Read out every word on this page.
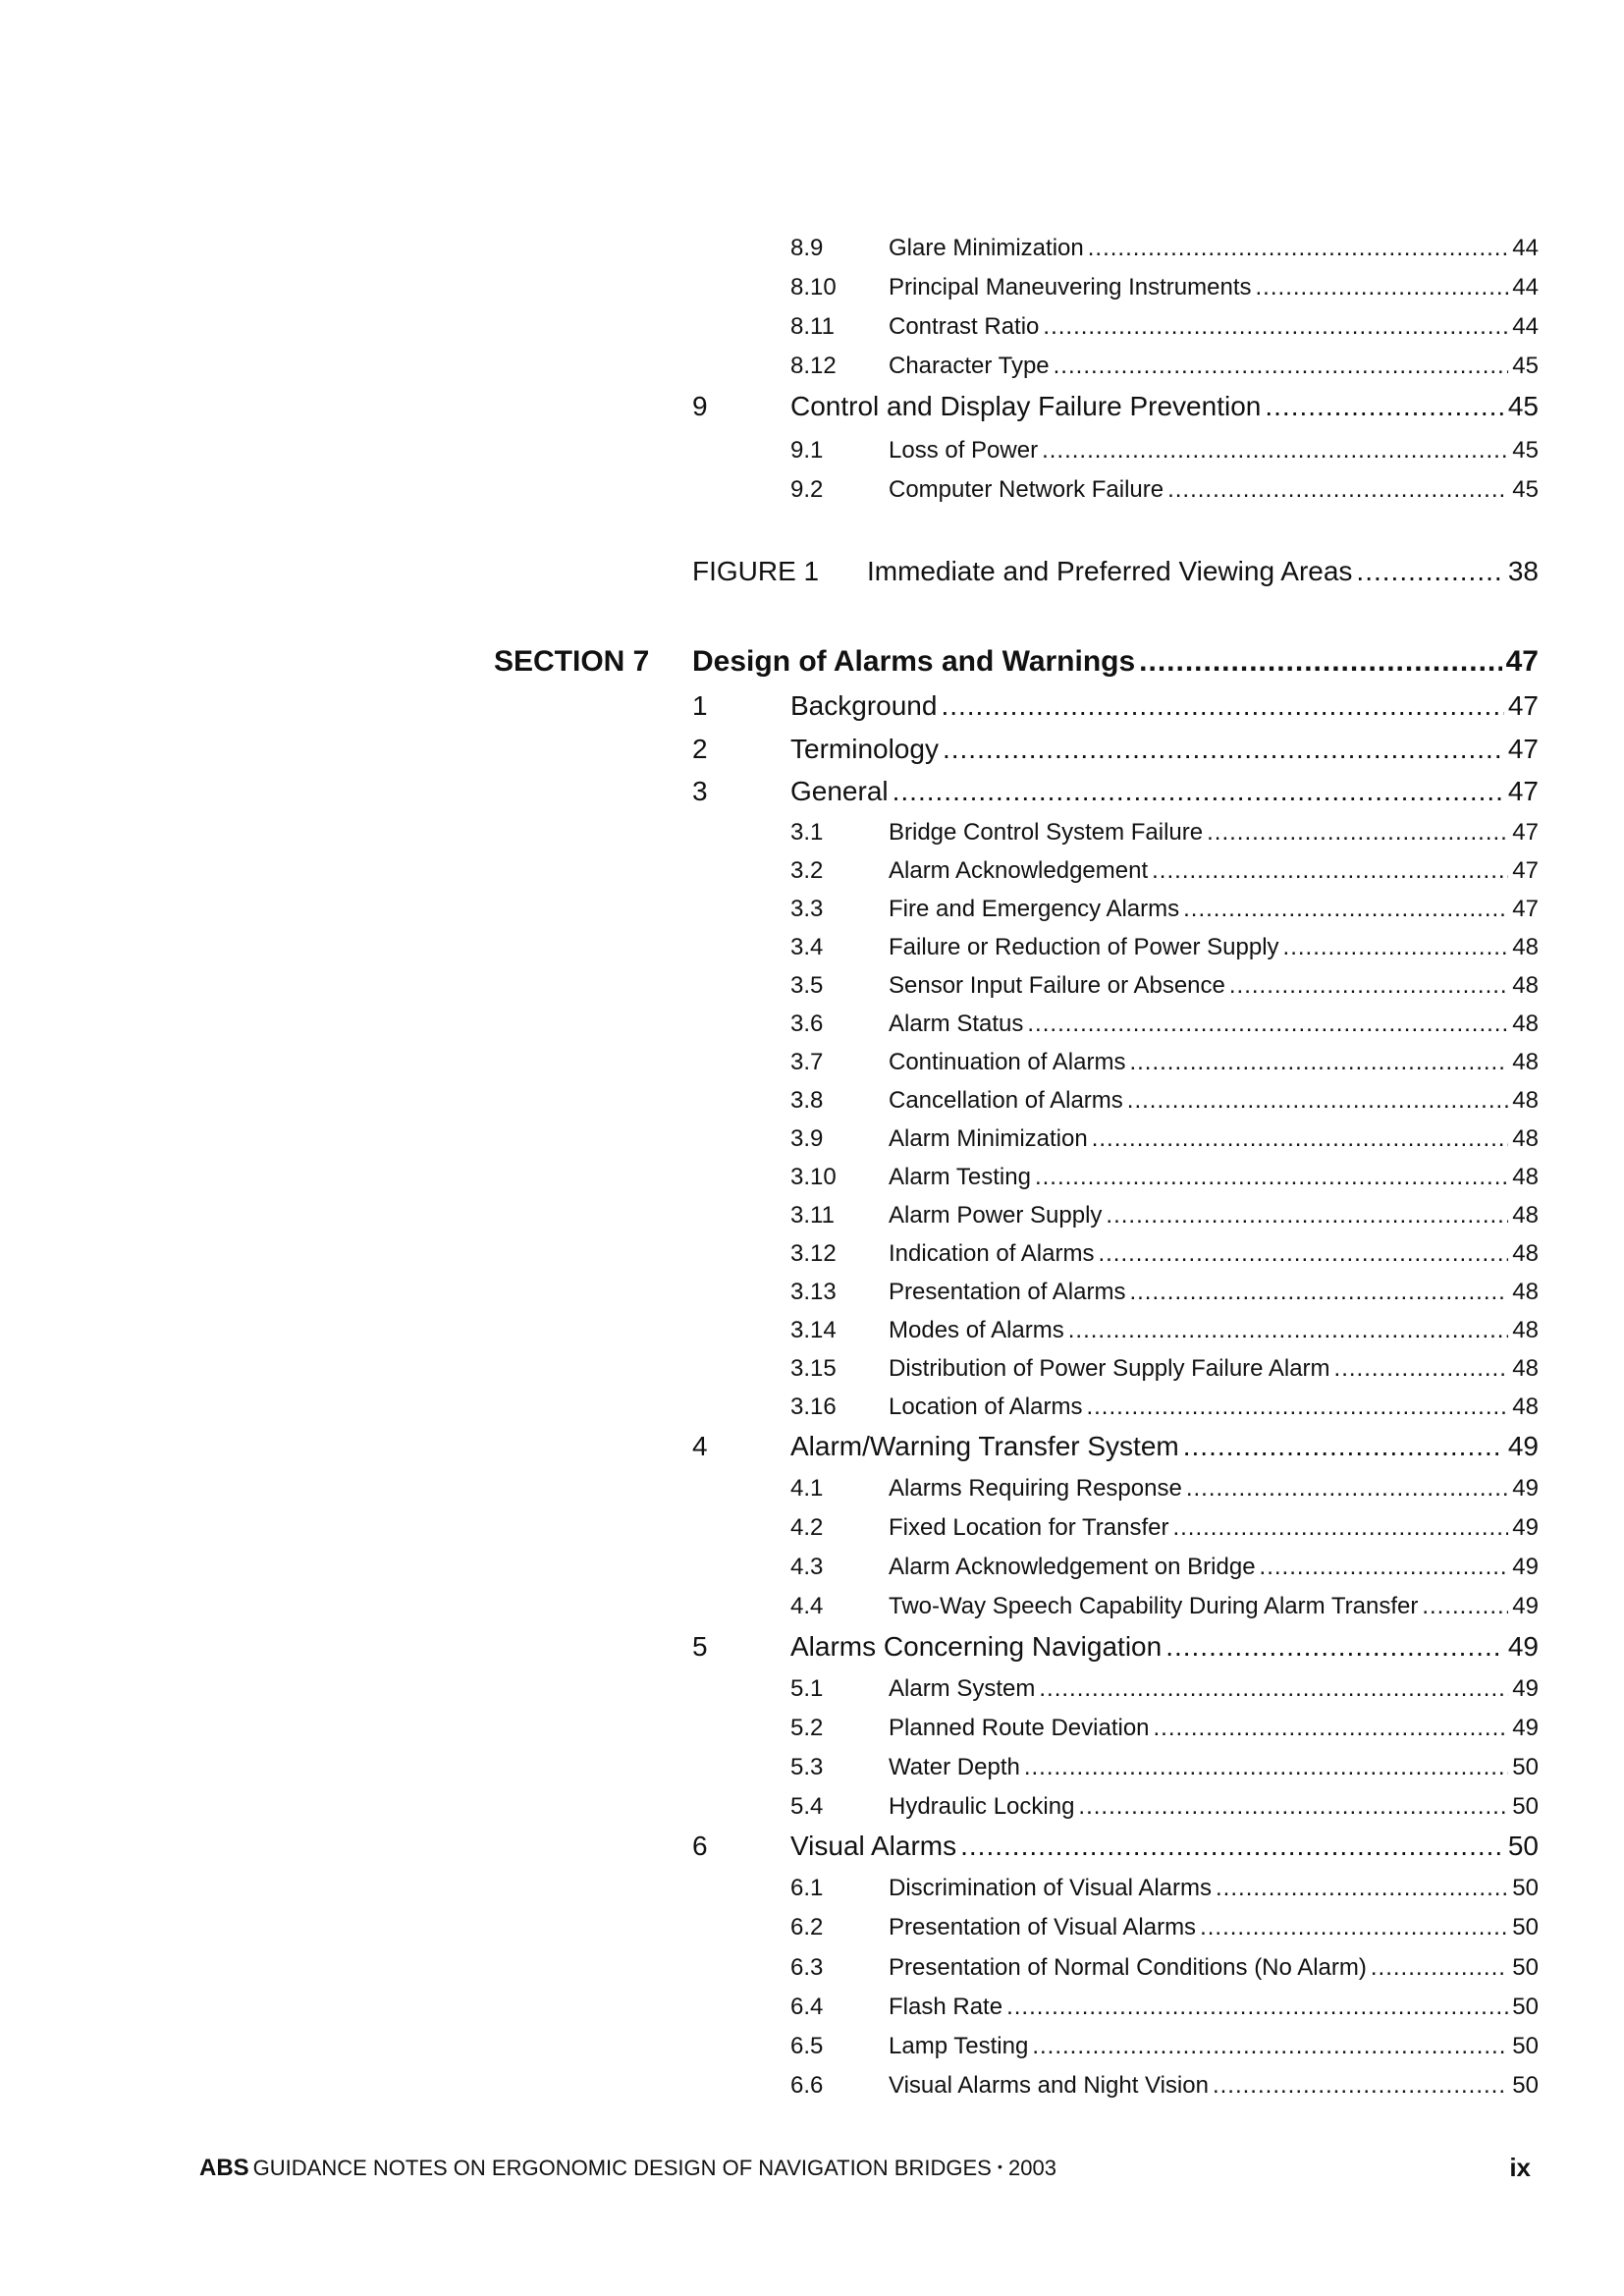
8.9	Glare Minimization .....	44
8.10 Principal Maneuvering Instruments .....	44
8.11 Contrast Ratio .....	44
8.12 Character Type .....	45
9	Control and Display Failure Prevention .....	45
9.1	Loss of Power .....	45
9.2	Computer Network Failure .....	45
FIGURE 1 Immediate and Preferred Viewing Areas .....	38
SECTION 7 Design of Alarms and Warnings .....	47
1	Background .....	47
2	Terminology .....	47
3	General .....	47
3.1	Bridge Control System Failure .....	47
3.2	Alarm Acknowledgement .....	47
3.3	Fire and Emergency Alarms .....	47
3.4	Failure or Reduction of Power Supply .....	48
3.5	Sensor Input Failure or Absence .....	48
3.6	Alarm Status .....	48
3.7	Continuation of Alarms .....	48
3.8	Cancellation of Alarms .....	48
3.9	Alarm Minimization .....	48
3.10 Alarm Testing .....	48
3.11 Alarm Power Supply .....	48
3.12 Indication of Alarms .....	48
3.13 Presentation of Alarms .....	48
3.14 Modes of Alarms .....	48
3.15 Distribution of Power Supply Failure Alarm .....	48
3.16 Location of Alarms .....	48
4	Alarm/Warning Transfer System .....	49
4.1	Alarms Requiring Response .....	49
4.2	Fixed Location for Transfer .....	49
4.3	Alarm Acknowledgement on Bridge .....	49
4.4	Two-Way Speech Capability During Alarm Transfer .....	49
5	Alarms Concerning Navigation .....	49
5.1	Alarm System .....	49
5.2	Planned Route Deviation .....	49
5.3	Water Depth .....	50
5.4	Hydraulic Locking .....	50
6	Visual Alarms .....	50
6.1	Discrimination of Visual Alarms .....	50
6.2	Presentation of Visual Alarms .....	50
6.3	Presentation of Normal Conditions (No Alarm) .....	50
6.4	Flash Rate .....	50
6.5	Lamp Testing .....	50
6.6	Visual Alarms and Night Vision .....	50
ABS GUIDANCE NOTES ON ERGONOMIC DESIGN OF NAVIGATION BRIDGES • 2003	ix
